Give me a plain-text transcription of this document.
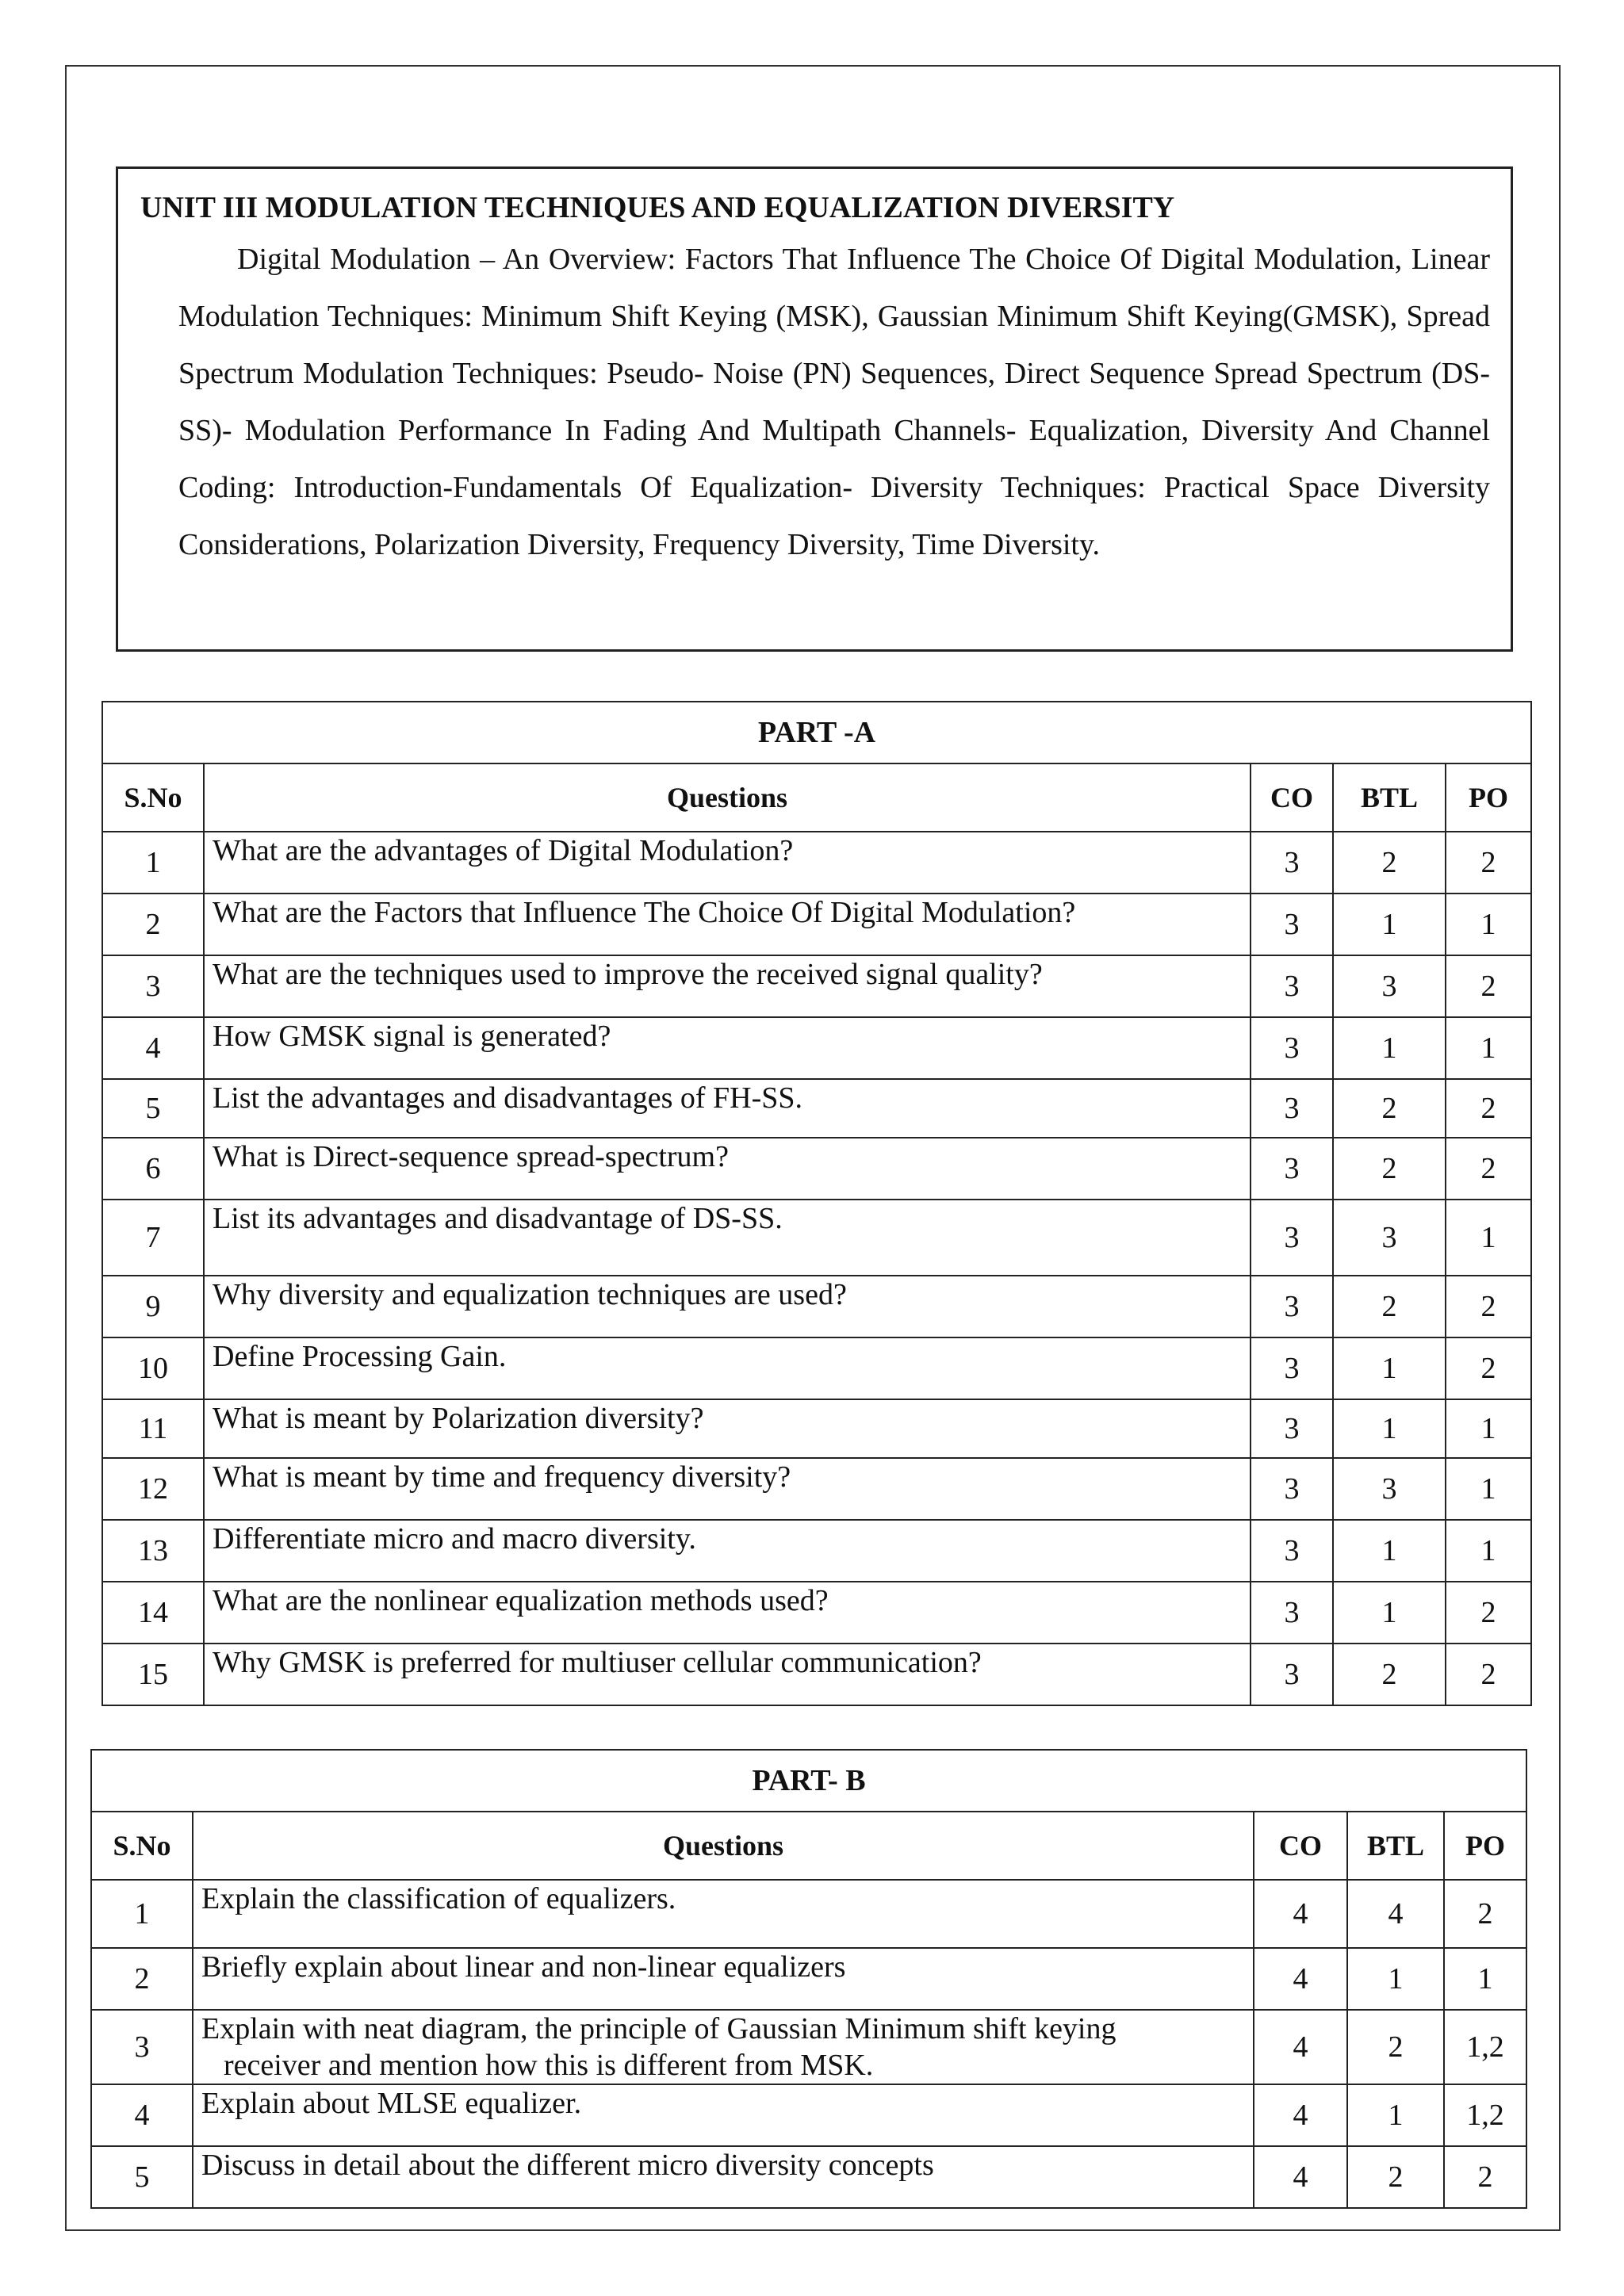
UNIT III MODULATION TECHNIQUES AND EQUALIZATION DIVERSITY
Digital Modulation – An Overview: Factors That Influence The Choice Of Digital Modulation, Linear Modulation Techniques: Minimum Shift Keying (MSK), Gaussian Minimum Shift Keying(GMSK), Spread Spectrum Modulation Techniques: Pseudo- Noise (PN) Sequences, Direct Sequence Spread Spectrum (DS-SS)- Modulation Performance In Fading And Multipath Channels- Equalization, Diversity And Channel Coding: Introduction-Fundamentals Of Equalization- Diversity Techniques: Practical Space Diversity Considerations, Polarization Diversity, Frequency Diversity, Time Diversity.
PART -A				
S.No	Questions	CO	BTL	PO
1	What are the advantages of Digital Modulation?	3	2	2
2	What are the Factors that Influence The Choice Of Digital Modulation?	3	1	1
3	What are the techniques used to improve the received signal quality?	3	3	2
4	How GMSK signal is generated?	3	1	1
5	List the advantages and disadvantages of FH-SS.	3	2	2
6	What is Direct-sequence spread-spectrum?	3	2	2
7	List its advantages and disadvantage of DS-SS.	3	3	1
9	Why diversity and equalization techniques are used?	3	2	2
10	Define Processing Gain.	3	1	2
11	What is meant by Polarization diversity?	3	1	1
12	What is meant by time and frequency diversity?	3	3	1
13	Differentiate micro and macro diversity.	3	1	1
14	What are the nonlinear equalization methods used?	3	1	2
15	Why GMSK is preferred for multiuser cellular communication?	3	2	2
PART- B				
S.No	Questions	CO	BTL	PO
1	Explain the classification of equalizers.	4	4	2
2	Briefly explain about linear and non-linear equalizers	4	1	1
3	Explain with neat diagram, the principle of Gaussian Minimum shift keying
receiver and mention how this is different from MSK.	4	2	1,2
4	Explain about MLSE equalizer.	4	1	1,2
5	Discuss in detail about the different micro diversity concepts	4	2	2
